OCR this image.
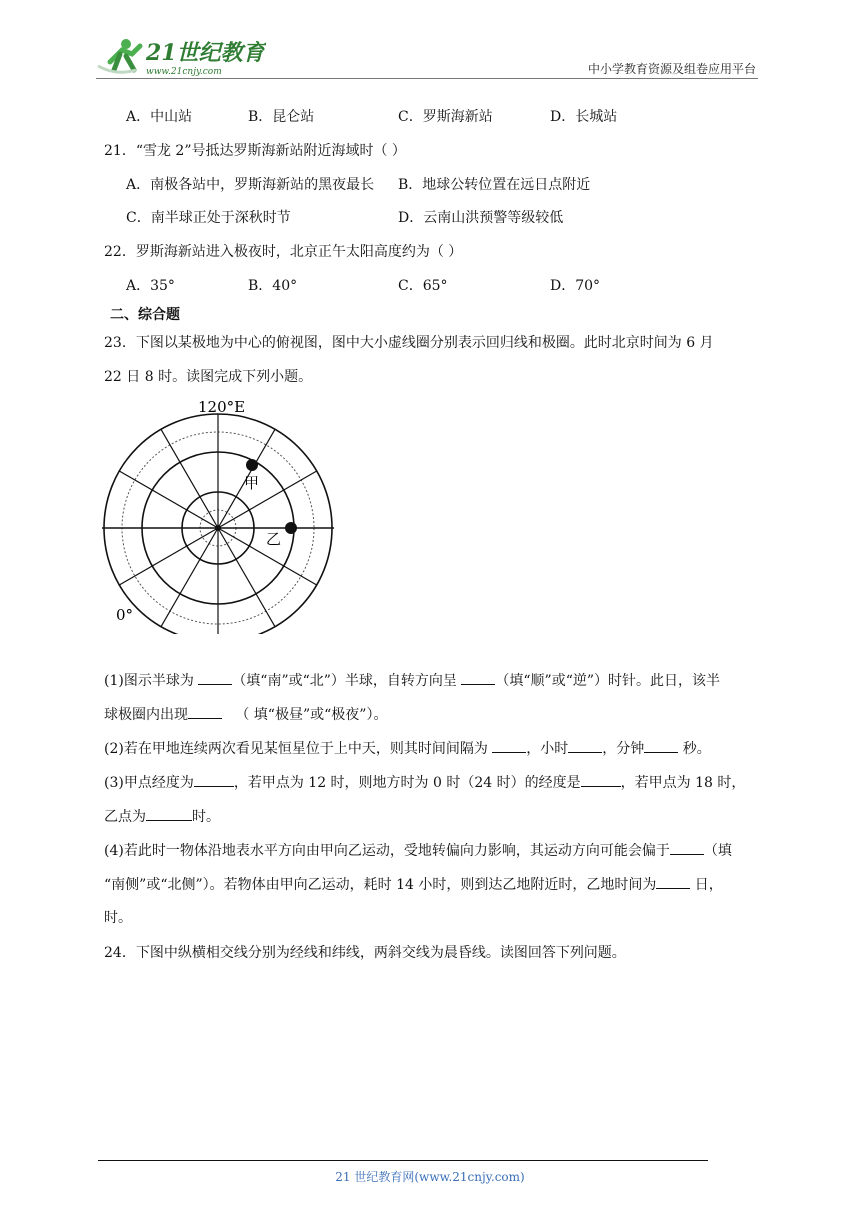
21世纪教育
www.21cnjy.com	中小学教育资源及组卷应用平台
A．中山站	B．昆仑站	C．罗斯海新站	D．长城站
21．“雪龙 2”号抵达罗斯海新站附近海域时（ ）
A．南极各站中，罗斯海新站的黑夜最长 B．地球公转位置在远日点附近
C．南半球正处于深秋时节	D．云南山洪预警等级较低
22．罗斯海新站进入极夜时，北京正午太阳高度约为（ ）
A．35°	B．40°	C．65°	D．70°
二、综合题
23．下图以某极地为中心的俯视图，图中大小虚线圈分别表示回归线和极圈。此时北京时间为 6 月
22 日 8 时。读图完成下列小题。
甲
乙
120°E
0°
(1)图示半球为 （填“南”或“北”）半球，自转方向呈 （填“顺”或“逆”）时针。此日，该半
球极圈内出现	（ 填“极昼”或“极夜”）。
(2)若在甲地连续两次看见某恒星位于上中天，则其时间间隔为 ，小时 ，分钟 秒。
(3)甲点经度为	，若甲点为 12 时，则地方时为 0 时（24 时）的经度是	，若甲点为 18 时，
乙点为	时。
(4)若此时一物体沿地表水平方向由甲向乙运动，受地转偏向力影响，其运动方向可能会偏于 （填
“南侧”或“北侧”）。若物体由甲向乙运动，耗时 14 小时，则到达乙地附近时，乙地时间为 日，
时。
24．下图中纵横相交线分别为经线和纬线，两斜交线为晨昏线。读图回答下列问题。
21 世纪教育网(www.21cnjy.com)
